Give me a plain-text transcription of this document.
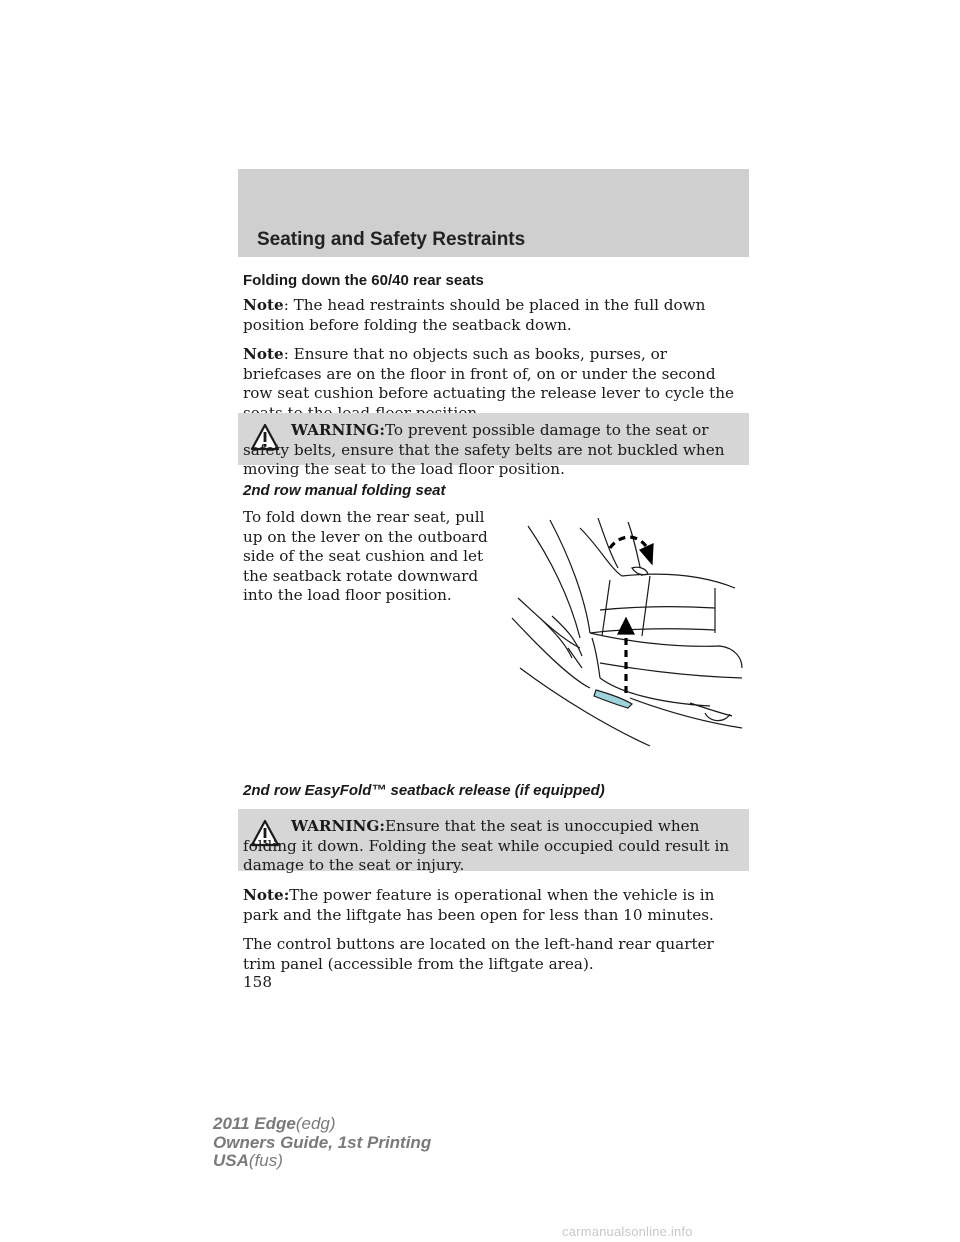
Seating and Safety Restraints
Folding down the 60/40 rear seats

Note: The head restraints should be placed in the full down position before folding the seatback down.

Note: Ensure that no objects such as books, purses, or briefcases are on the floor in front of, on or under the second row seat cushion before actuating the release lever to cycle the

WARNING:To prevent possible damage to the seat or safety belts, ensure that the safety belts are not buckled when moving the seat to the load floor position.
2nd row manual folding seat

To fold down the rear seat, pull up on the lever on the outboard side of the seat cushion and let the seatback rotate downward into the load floor position.

2nd row EasyFold™ seatback release (if equipped)
WARNING:Ensure that the seat is unoccupied when folding it down. Folding the seat while occupied could result in damage to the seat or injury.

Note:The power feature is operational when the vehicle is in park and the liftgate has been open for less than 10 minutes.

The control buttons are located on the left-hand rear quarter trim panel (accessible from the liftgate area).

158
2011 Edge(edg)
Owners Guide, 1st Printing
USA(fus)
carmanualsonline.info
